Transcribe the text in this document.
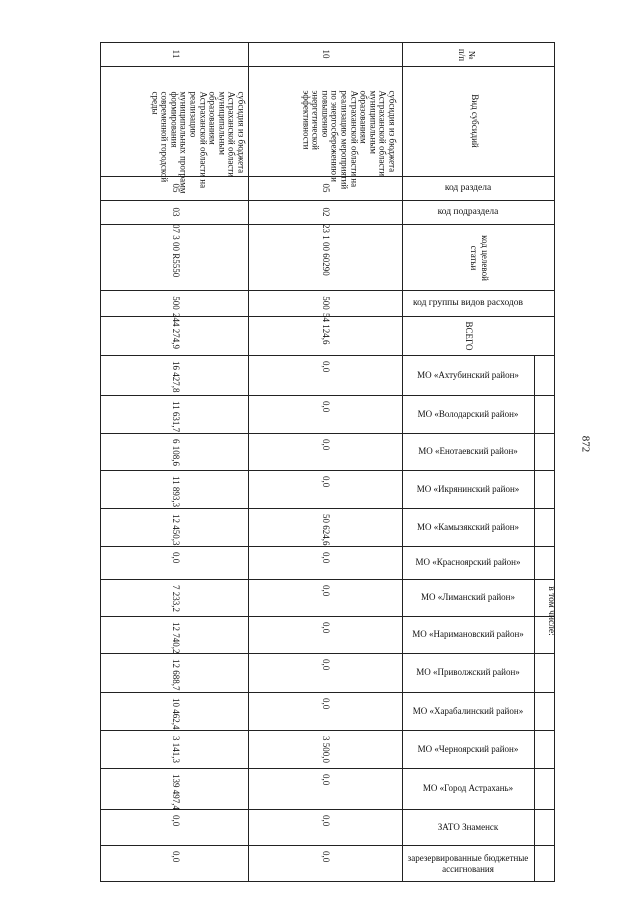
872
№
п/п
Вид субсидий
код раздела
код подраздела
код целевой
статьи
код группы видов расходов
ВСЕГО
МО «Ахтубинский район»
МО «Володарский район»
МО «Енотаевский район»
МО «Икрянинский район»
МО «Камызякский район»
МО «Красноярский район»
МО «Лиманский район»
МО «Наримановский район»
МО «Приволжский район»
МО «Харабалинский район»
МО «Черноярский район»
МО «Город Астрахань»
ЗАТО Знаменск
зарезервированные бюджетные ассигнования
в том числе:
10
субсидия из бюджета Астраханской области муниципальным образованиям Астраханской области на реализацию мероприятий по энергосбережению и повышению энергетической эффективности
05
02
23 1 00 60290
500
54 124,6
11
субсидия из бюджета Астраханской области муниципальным образованиям Астраханской области на реализацию муниципальных программ формирования современной городской среды
05
03
07 3 00 R5550
500
244 274,9
0,0
0,0
0,0
0,0
50 624,6
0,0
0,0
0,0
0,0
0,0
3 500,0
0,0
0,0
0,0
16 427,8
11 631,7
6 108,6
11 893,3
12 450,3
0,0
7 233,2
12 740,2
12 688,7
10 462,4
3 141,3
139 497,4
0,0
0,0
